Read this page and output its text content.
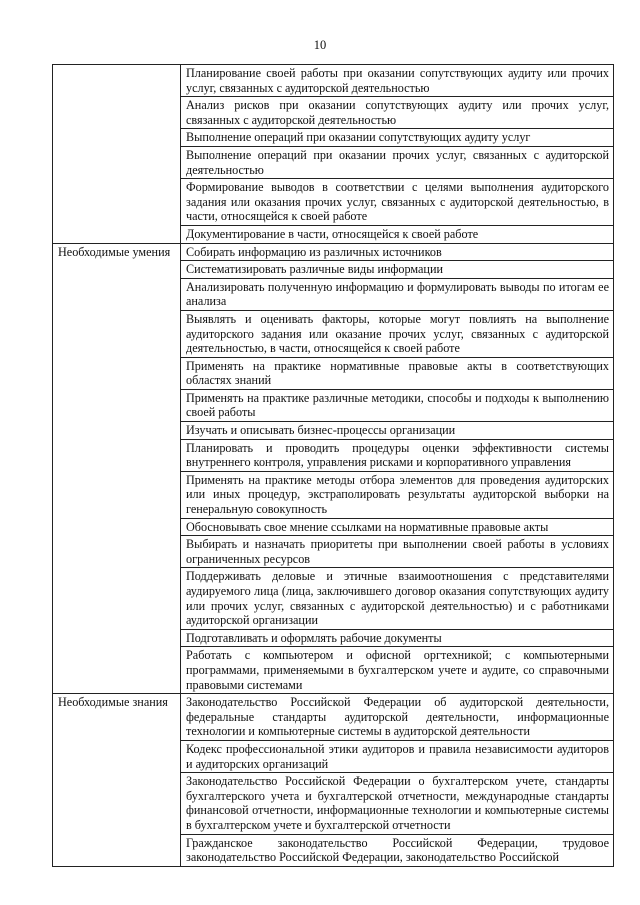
10
	Планирование своей работы при оказании сопутствующих аудиту или прочих услуг, связанных с аудиторской деятельностью
	Анализ рисков при оказании сопутствующих аудиту или прочих услуг, связанных с аудиторской деятельностью
	Выполнение операций при оказании сопутствующих аудиту услуг
	Выполнение операций при оказании прочих услуг, связанных с аудиторской деятельностью
	Формирование выводов в соответствии с целями выполнения аудиторского задания или оказания прочих услуг, связанных с аудиторской деятельностью, в части, относящейся к своей работе
	Документирование в части, относящейся к своей работе
Необходимые умения	Собирать информацию из различных источников
	Систематизировать различные виды информации
	Анализировать полученную информацию и формулировать выводы по итогам ее анализа
	Выявлять и оценивать факторы, которые могут повлиять на выполнение аудиторского задания или оказание прочих услуг, связанных с аудиторской деятельностью, в части, относящейся к своей работе
	Применять на практике нормативные правовые акты в соответствующих областях знаний
	Применять на практике различные методики, способы и подходы к выполнению своей работы
	Изучать и описывать бизнес-процессы организации
	Планировать и проводить процедуры оценки эффективности системы внутреннего контроля, управления рисками и корпоративного управления
	Применять на практике методы отбора элементов для проведения аудиторских или иных процедур, экстраполировать результаты аудиторской выборки на генеральную совокупность
	Обосновывать свое мнение ссылками на нормативные правовые акты
	Выбирать и назначать приоритеты при выполнении своей работы в условиях ограниченных ресурсов
	Поддерживать деловые и этичные взаимоотношения с представителями аудируемого лица (лица, заключившего договор оказания сопутствующих аудиту или прочих услуг, связанных с аудиторской деятельностью) и с работниками аудиторской организации
	Подготавливать и оформлять рабочие документы
	Работать с компьютером и офисной оргтехникой; с компьютерными программами, применяемыми в бухгалтерском учете и аудите, со справочными правовыми системами
Необходимые знания	Законодательство Российской Федерации об аудиторской деятельности, федеральные стандарты аудиторской деятельности, информационные технологии и компьютерные системы в аудиторской деятельности
	Кодекс профессиональной этики аудиторов и правила независимости аудиторов и аудиторских организаций
	Законодательство Российской Федерации о бухгалтерском учете, стандарты бухгалтерского учета и бухгалтерской отчетности, международные стандарты финансовой отчетности, информационные технологии и компьютерные системы в бухгалтерском учете и бухгалтерской отчетности
	Гражданское законодательство Российской Федерации, трудовое законодательство Российской Федерации, законодательство Российской
